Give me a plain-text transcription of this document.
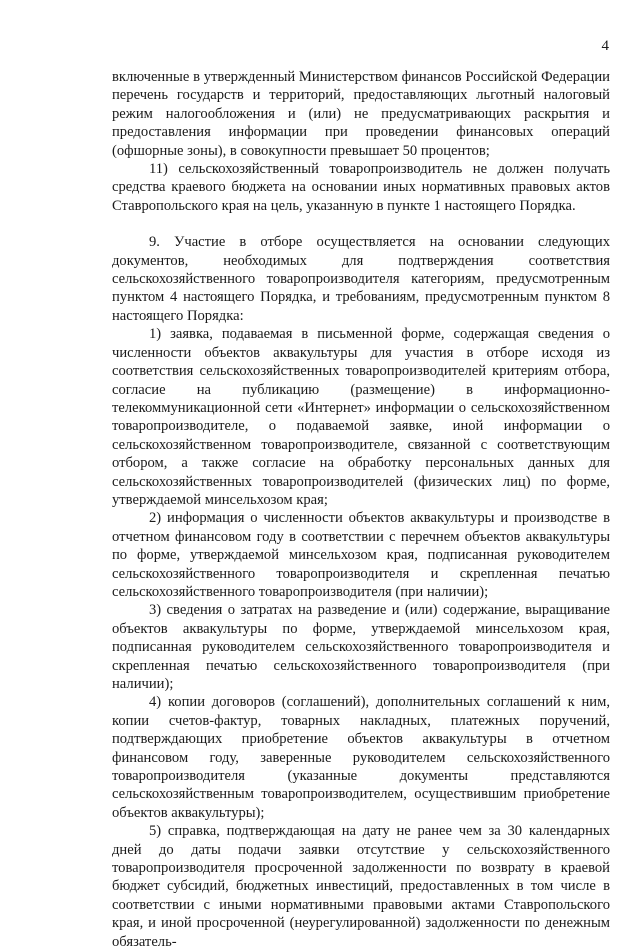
4

включенные в утвержденный Министерством финансов Российской Федерации перечень государств и территорий, предоставляющих льготный налоговый режим налогообложения и (или) не предусматривающих раскрытия и предоставления информации при проведении финансовых операций (офшорные зоны), в совокупности превышает 50 процентов;

11) сельскохозяйственный товаропроизводитель не должен получать средства краевого бюджета на основании иных нормативных правовых актов Ставропольского края на цель, указанную в пункте 1 настоящего Порядка.

9. Участие в отборе осуществляется на основании следующих документов, необходимых для подтверждения соответствия сельскохозяйственного товаропроизводителя категориям, предусмотренным пунктом 4 настоящего Порядка, и требованиям, предусмотренным пунктом 8 настоящего Порядка:

1) заявка, подаваемая в письменной форме, содержащая сведения о численности объектов аквакультуры для участия в отборе исходя из соответствия сельскохозяйственных товаропроизводителей критериям отбора, согласие на публикацию (размещение) в информационно-телекоммуникационной сети «Интернет» информации о сельскохозяйственном товаропроизводителе, о подаваемой заявке, иной информации о сельскохозяйственном товаропроизводителе, связанной с соответствующим отбором, а также согласие на обработку персональных данных для сельскохозяйственных товаропроизводителей (физических лиц) по форме, утверждаемой минсельхозом края;

2) информация о численности объектов аквакультуры и производстве в отчетном финансовом году в соответствии с перечнем объектов аквакультуры по форме, утверждаемой минсельхозом края, подписанная руководителем сельскохозяйственного товаропроизводителя и скрепленная печатью сельскохозяйственного товаропроизводителя (при наличии);

3) сведения о затратах на разведение и (или) содержание, выращивание объектов аквакультуры по форме, утверждаемой минсельхозом края, подписанная руководителем сельскохозяйственного товаропроизводителя и скрепленная печатью сельскохозяйственного товаропроизводителя (при наличии);

4) копии договоров (соглашений), дополнительных соглашений к ним, копии счетов-фактур, товарных накладных, платежных поручений, подтверждающих приобретение объектов аквакультуры в отчетном финансовом году, заверенные руководителем сельскохозяйственного товаропроизводителя (указанные документы представляются сельскохозяйственным товаропроизводителем, осуществившим приобретение объектов аквакультуры);

5) справка, подтверждающая на дату не ранее чем за 30 календарных дней до даты подачи заявки отсутствие у сельскохозяйственного товаропроизводителя просроченной задолженности по возврату в краевой бюджет субсидий, бюджетных инвестиций, предоставленных в том числе в соответствии с иными нормативными правовыми актами Ставропольского края, и иной просроченной (неурегулированной) задолженности по денежным обязатель-
